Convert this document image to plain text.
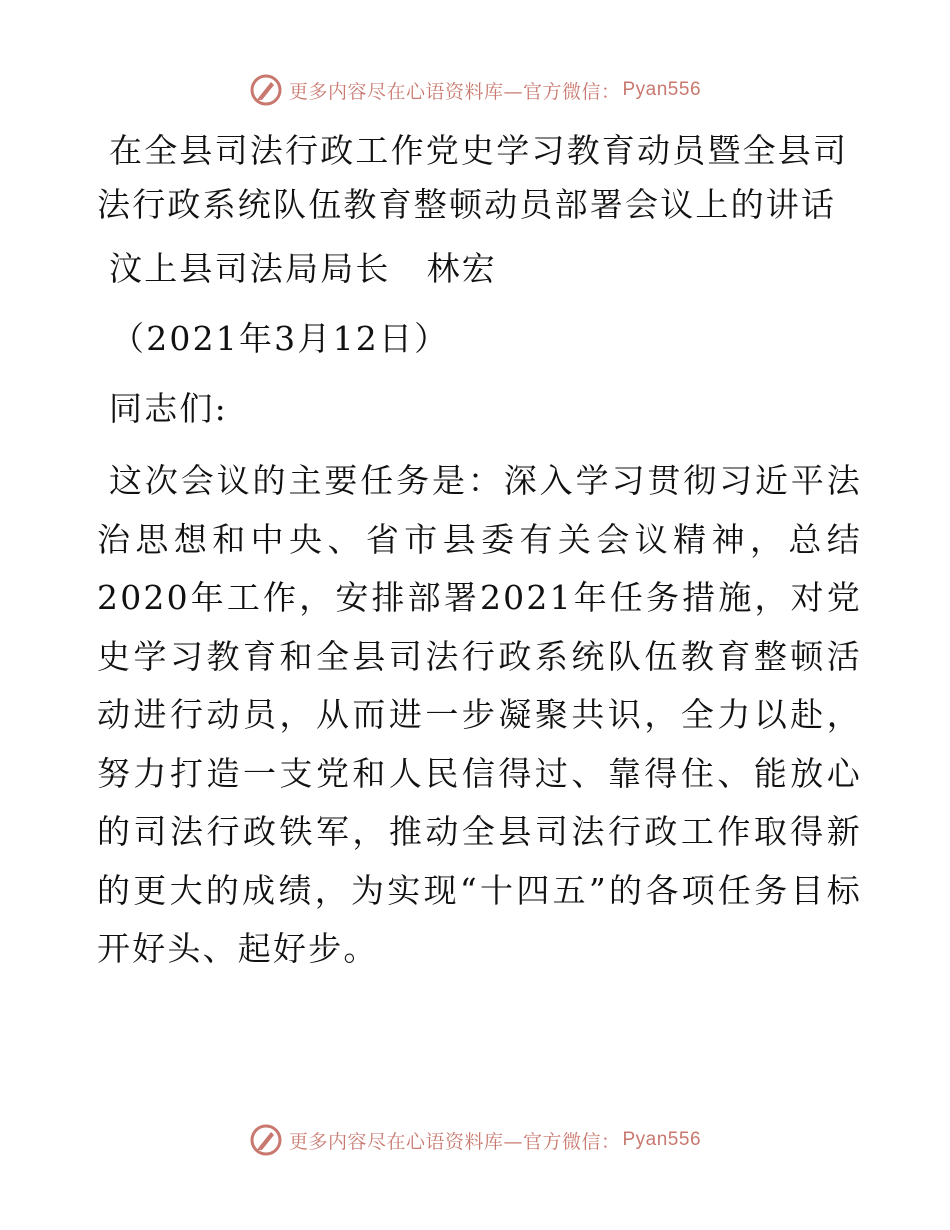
更多内容尽在心语资料库—官方微信： Pyan556
在全县司法行政工作党史学习教育动员暨全县司
法行政系统队伍教育整顿动员部署会议上的讲话

汶上县司法局局长 林宏

（2021年3月12日）

同志们:

这次会议的主要任务是：深入学习贯彻习近平法治思想和中央、省市县委有关会议精神，总结2020年工作，安排部署2021年任务措施，对党史学习教育和全县司法行政系统队伍教育整顿活动进行动员，从而进一步凝聚共识，全力以赴，努力打造一支党和人民信得过、靠得住、能放心的司法行政铁军，推动全县司法行政工作取得新的更大的成绩，为实现“十四五”的各项任务目标开好头、起好步。

更多内容尽在心语资料库—官方微信： Pyan556
